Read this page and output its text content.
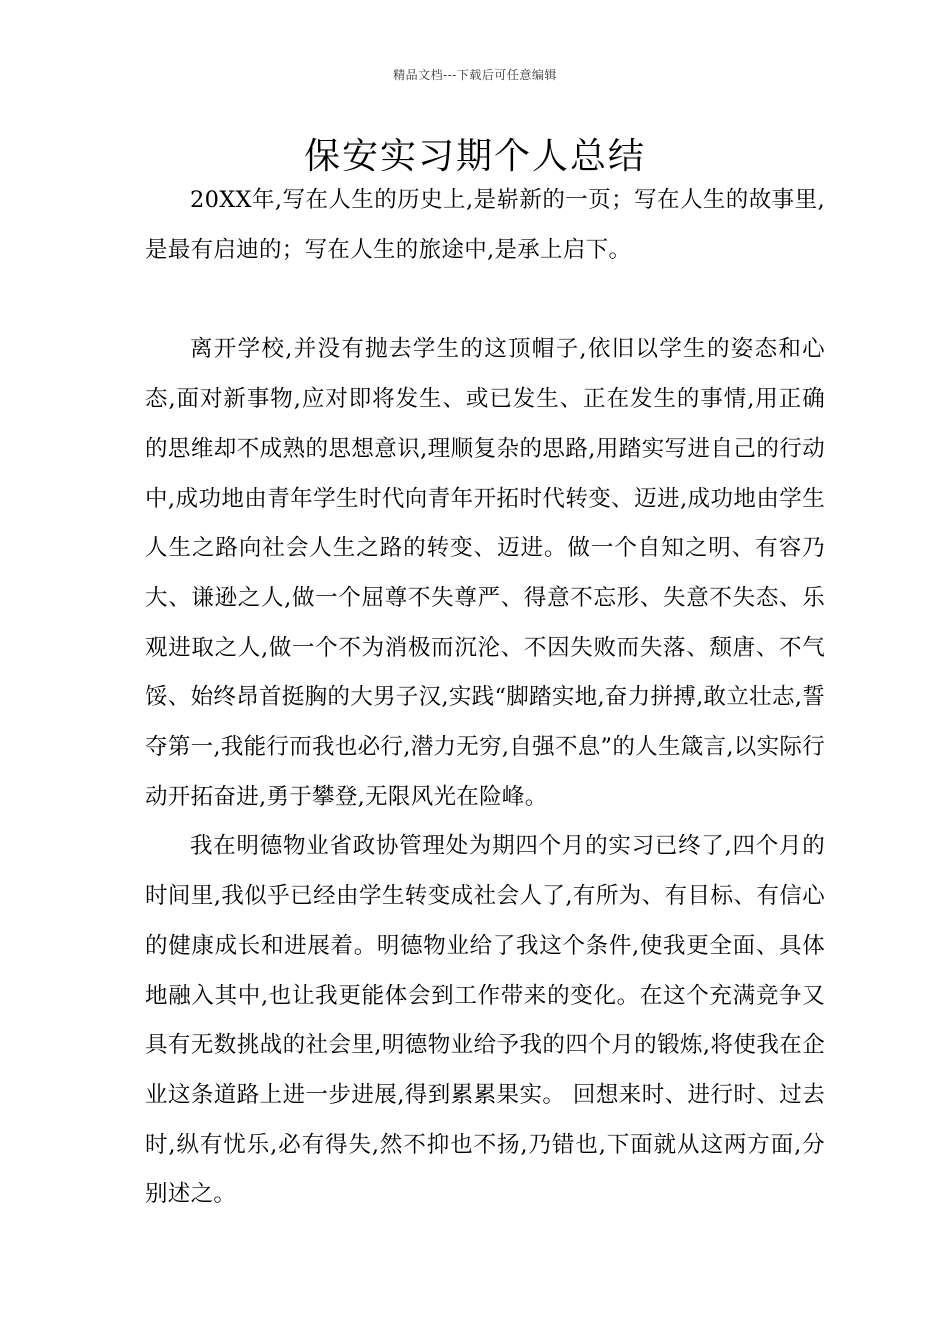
精品文档---下载后可任意编辑
保安实习期个人总结

20XX年,写在人生的历史上,是崭新的一页；写在人生的故事里,是最有启迪的；写在人生的旅途中,是承上启下。

离开学校,并没有抛去学生的这顶帽子,依旧以学生的姿态和心态,面对新事物,应对即将发生、或已发生、正在发生的事情,用正确的思维却不成熟的思想意识,理顺复杂的思路,用踏实写进自己的行动中,成功地由青年学生时代向青年开拓时代转变、迈进,成功地由学生人生之路向社会人生之路的转变、迈进。做一个自知之明、有容乃大、谦逊之人,做一个屈尊不失尊严、得意不忘形、失意不失态、乐观进取之人,做一个不为消极而沉沦、不因失败而失落、颓唐、不气馁、始终昂首挺胸的大男子汉,实践“脚踏实地,奋力拼搏,敢立壮志,誓夺第一,我能行而我也必行,潜力无穷,自强不息”的人生箴言,以实际行动开拓奋进,勇于攀登,无限风光在险峰。

我在明德物业省政协管理处为期四个月的实习已终了,四个月的时间里,我似乎已经由学生转变成社会人了,有所为、有目标、有信心的健康成长和进展着。明德物业给了我这个条件,使我更全面、具体地融入其中,也让我更能体会到工作带来的变化。在这个充满竞争又具有无数挑战的社会里,明德物业给予我的四个月的锻炼,将使我在企业这条道路上进一步进展,得到累累果实。 回想来时、进行时、过去时,纵有忧乐,必有得失,然不抑也不扬,乃错也,下面就从这两方面,分别述之。
